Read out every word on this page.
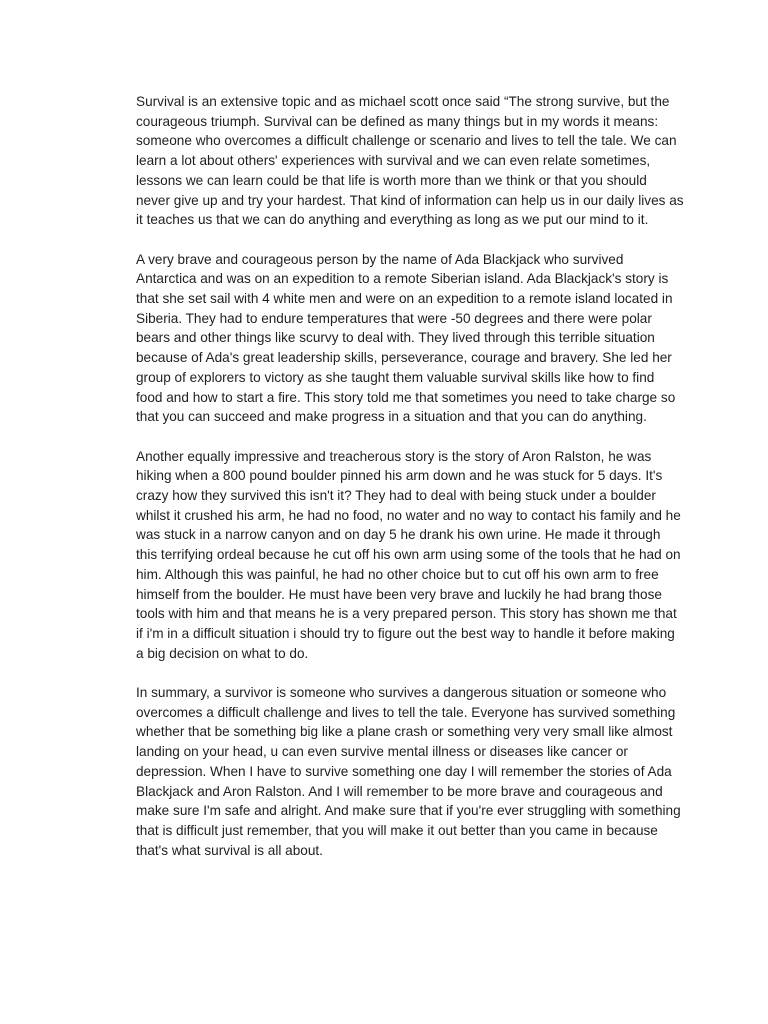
Survival is an extensive topic and as michael scott once said “The strong survive, but the courageous triumph. Survival can be defined as many things but in my words it means: someone who overcomes a difficult challenge or scenario and lives to tell the tale. We can learn a lot about others' experiences with survival and we can even relate sometimes, lessons we can learn could be that life is worth more than we think or that you should never give up and try your hardest. That kind of information can help us in our daily lives as it teaches us that we can do anything and everything as long as we put our mind to it.

A very brave and courageous person by the name of Ada Blackjack who survived Antarctica and was on an expedition to a remote Siberian island. Ada Blackjack's story is that she set sail with 4 white men and were on an expedition to a remote island located in Siberia. They had to endure temperatures that were -50 degrees and there were polar bears and other things like scurvy to deal with. They lived through this terrible situation because of Ada's great leadership skills, perseverance, courage and bravery. She led her group of explorers to victory as she taught them valuable survival skills like how to find food and how to start a fire. This story told me that sometimes you need to take charge so that you can succeed and make progress in a situation and that you can do anything.

Another equally impressive and treacherous story is the story of Aron Ralston, he was hiking when a 800 pound boulder pinned his arm down and he was stuck for 5 days. It's crazy how they survived this isn't it? They had to deal with being stuck under a boulder whilst it crushed his arm, he had no food, no water and no way to contact his family and he was stuck in a narrow canyon and on day 5 he drank his own urine. He made it through this terrifying ordeal because he cut off his own arm using some of the tools that he had on him. Although this was painful, he had no other choice but to cut off his own arm to free himself from the boulder. He must have been very brave and luckily he had brang those tools with him and that means he is a very prepared person. This story has shown me that if i'm in a difficult situation i should try to figure out the best way to handle it before making a big decision on what to do.

In summary, a survivor is someone who survives a dangerous situation or someone who overcomes a difficult challenge and lives to tell the tale. Everyone has survived something whether that be something big like a plane crash or something very very small like almost landing on your head, u can even survive mental illness or diseases like cancer or depression. When I have to survive something one day I will remember the stories of Ada Blackjack and Aron Ralston. And I will remember to be more brave and courageous and make sure I'm safe and alright. And make sure that if you're ever struggling with something that is difficult just remember, that you will make it out better than you came in because that's what survival is all about.
